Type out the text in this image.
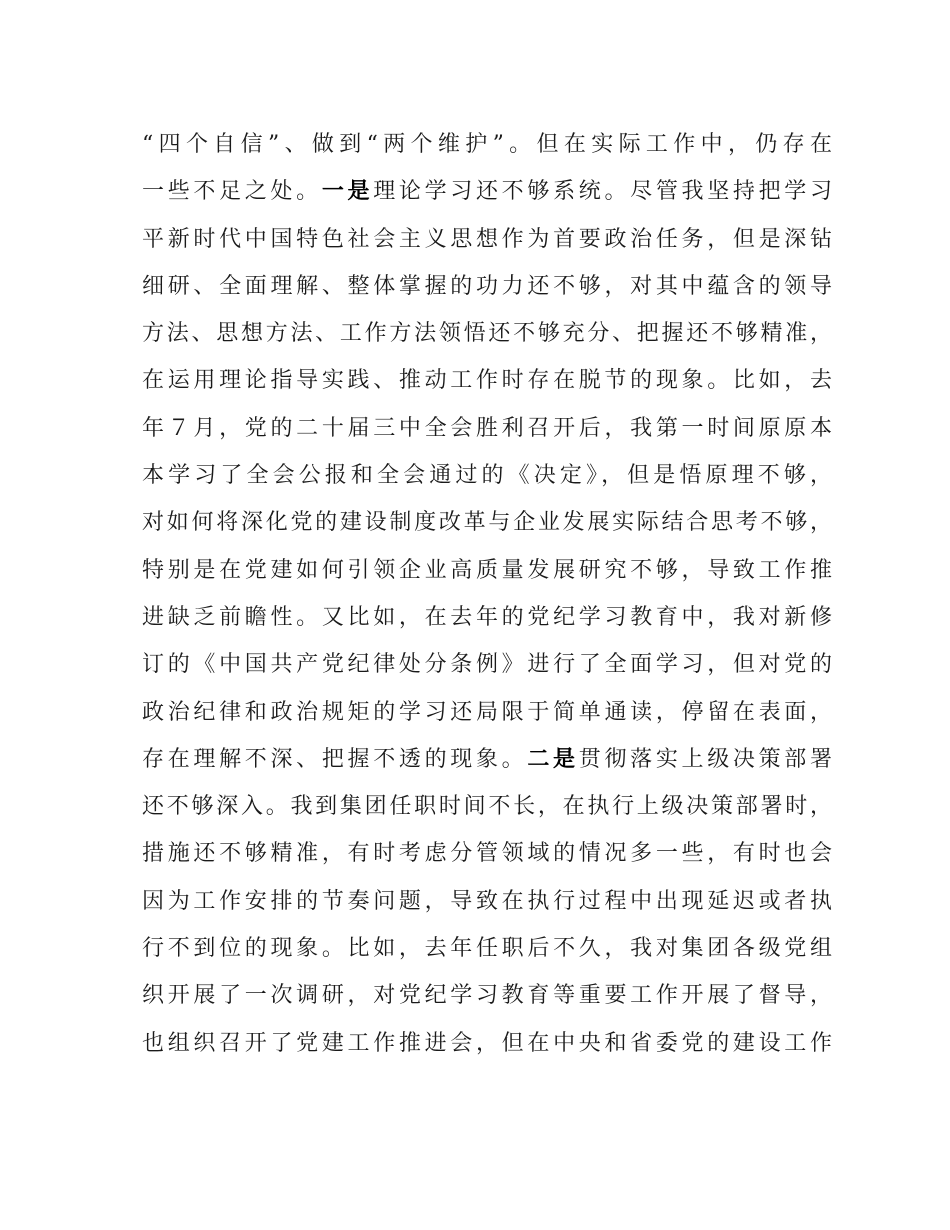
“四个自信”、做到“两个维护”。但在实际工作中，仍存在
一些不足之处。一是理论学习还不够系统。尽管我坚持把学习
平新时代中国特色社会主义思想作为首要政治任务，但是深钻
细研、全面理解、整体掌握的功力还不够，对其中蕴含的领导
方法、思想方法、工作方法领悟还不够充分、把握还不够精准，
在运用理论指导实践、推动工作时存在脱节的现象。比如，去
年７月，党的二十届三中全会胜利召开后，我第一时间原原本
本学习了全会公报和全会通过的《决定》，但是悟原理不够，
对如何将深化党的建设制度改革与企业发展实际结合思考不够，
特别是在党建如何引领企业高质量发展研究不够，导致工作推
进缺乏前瞻性。又比如，在去年的党纪学习教育中，我对新修
订的《中国共产党纪律处分条例》进行了全面学习，但对党的
政治纪律和政治规矩的学习还局限于简单通读，停留在表面，
存在理解不深、把握不透的现象。二是贯彻落实上级决策部署
还不够深入。我到集团任职时间不长，在执行上级决策部署时，
措施还不够精准，有时考虑分管领域的情况多一些，有时也会
因为工作安排的节奏问题，导致在执行过程中出现延迟或者执
行不到位的现象。比如，去年任职后不久，我对集团各级党组
织开展了一次调研，对党纪学习教育等重要工作开展了督导，
也组织召开了党建工作推进会，但在中央和省委党的建设工作
